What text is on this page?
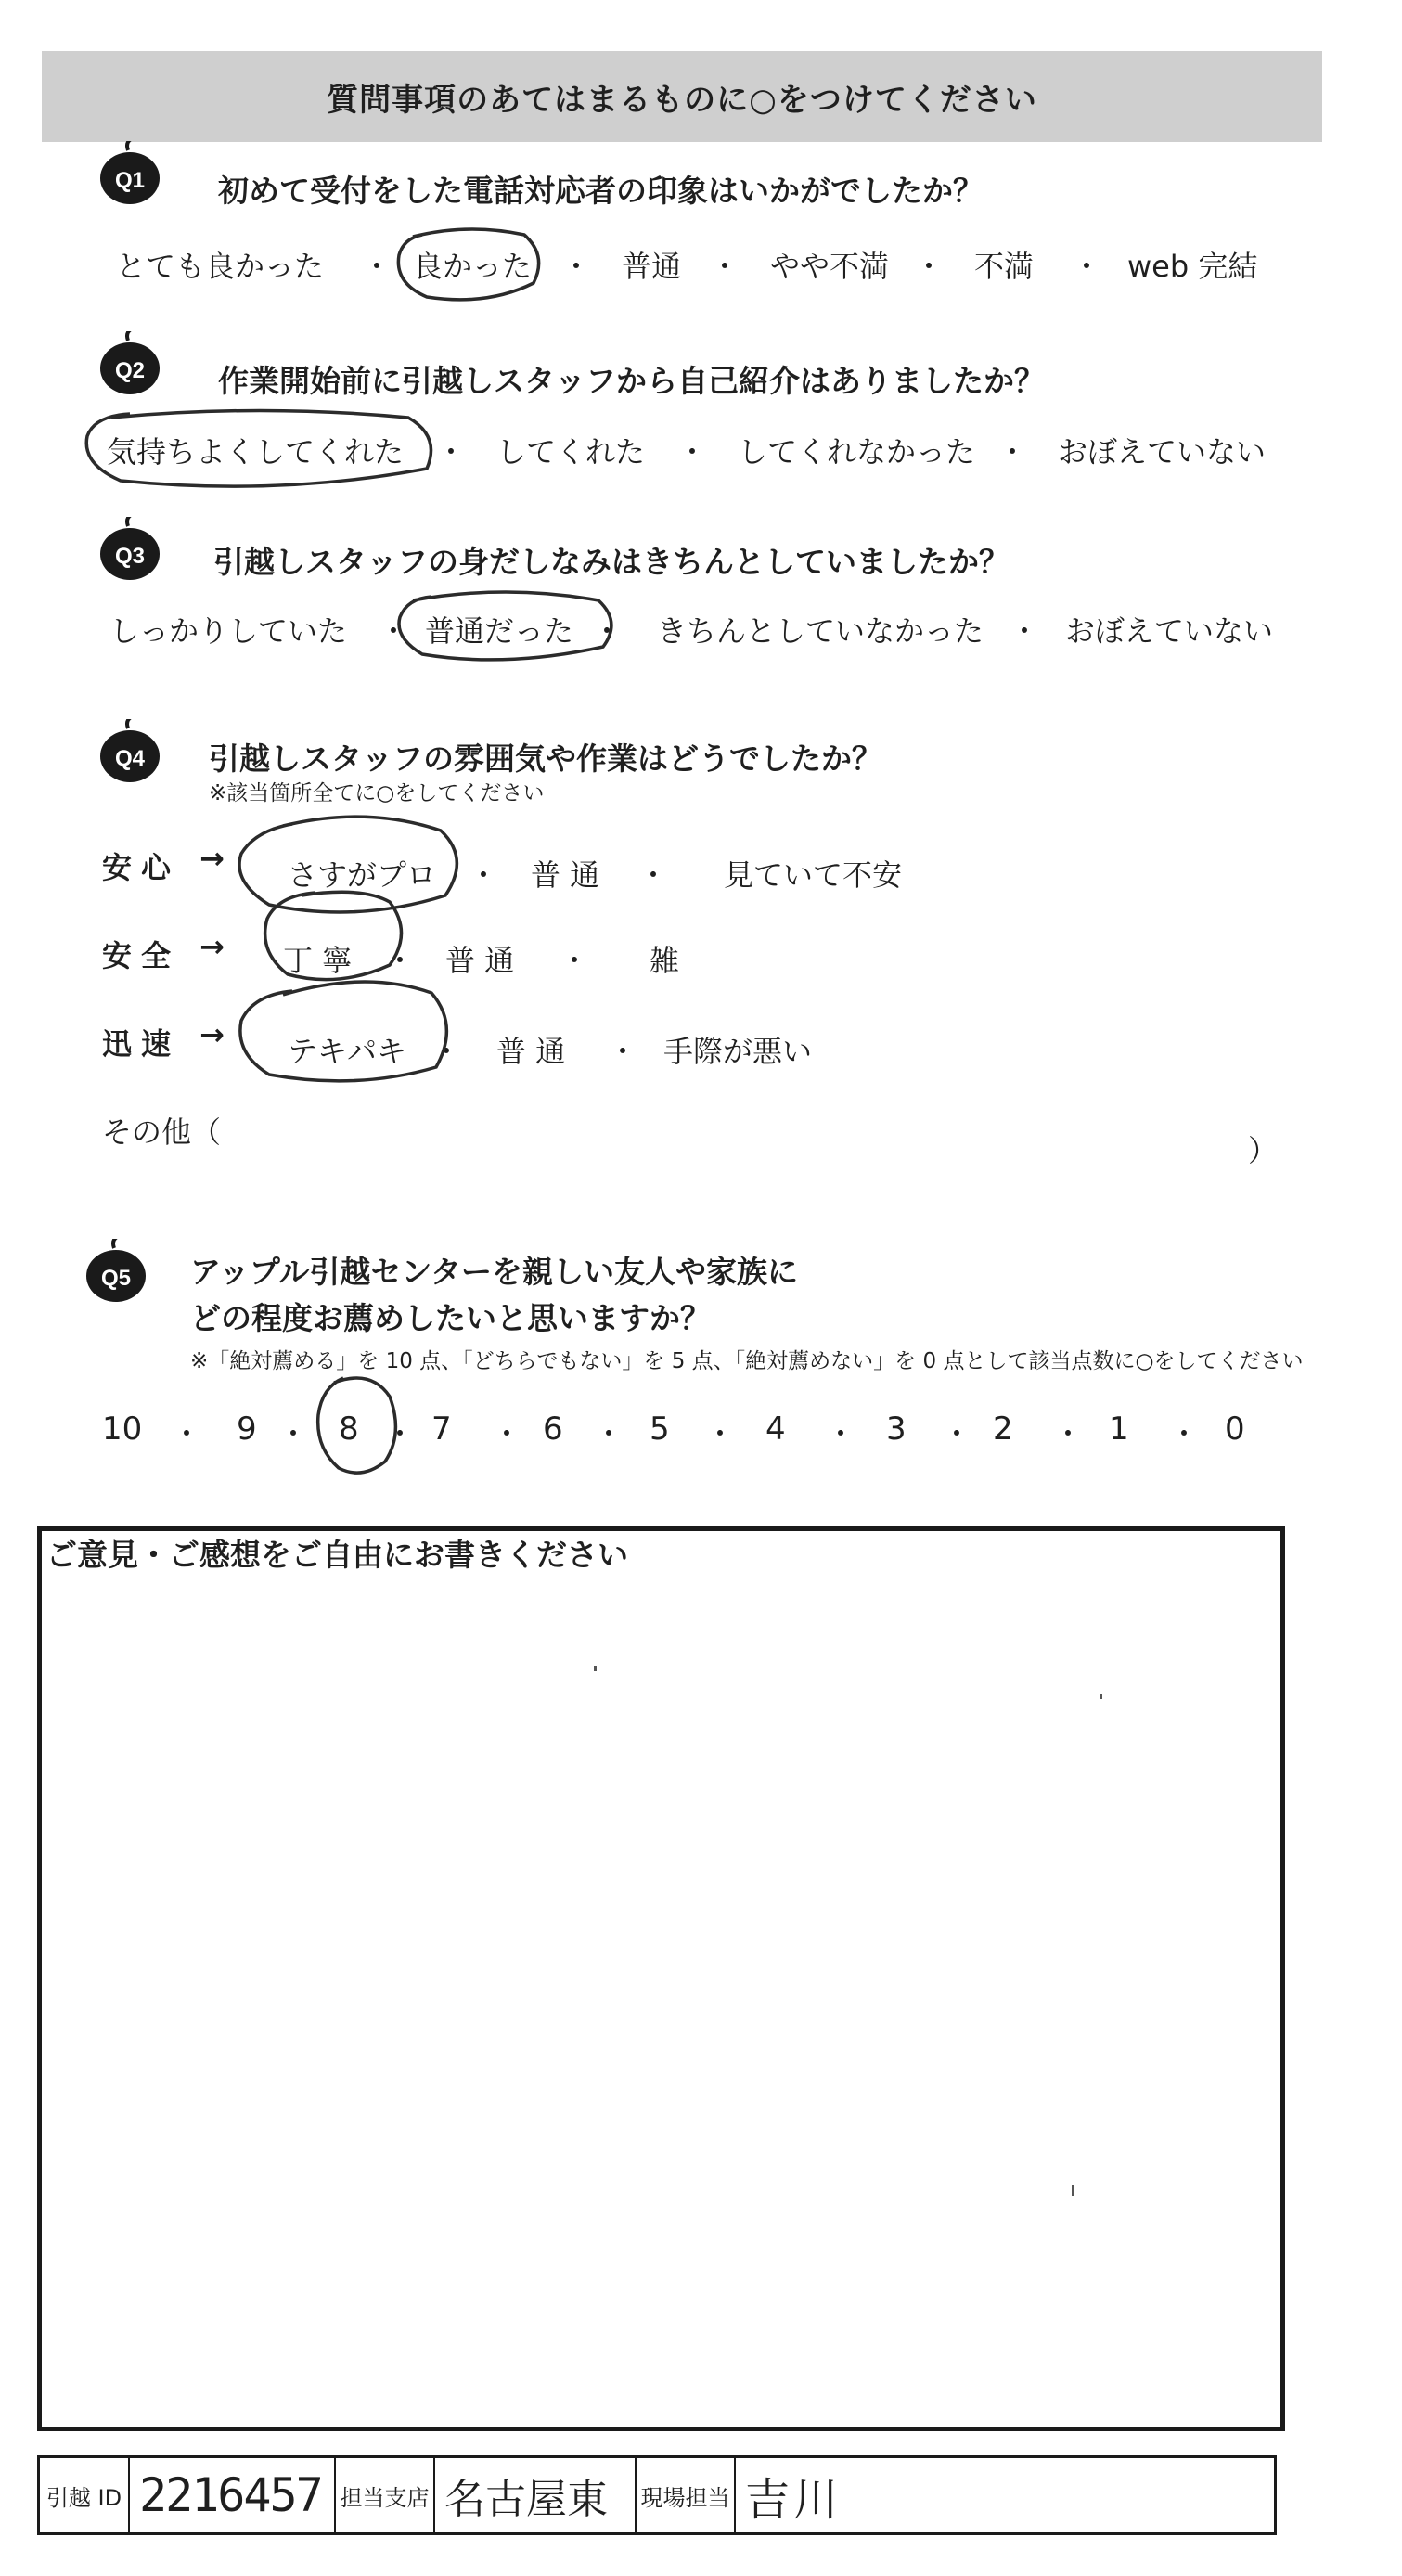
質問事項のあてはまるものに○をつけてください
Q1 初めて受付をした電話対応者の印象はいかがでしたか？
とても良かった ・ 良かった ・ 普通 ・ やや不満 ・ 不満 ・ web 完結
Q2 作業開始前に引越しスタッフから自己紹介はありましたか？
気持ちよくしてくれた ・ してくれた ・ してくれなかった ・ おぼえていない
Q3 引越しスタッフの身だしなみはきちんとしていましたか？
しっかりしていた ・ 普通だった ・ きちんとしていなかった ・ おぼえていない
Q4 引越しスタッフの雰囲気や作業はどうでしたか？
※該当箇所全てに○をしてください
安心 → さすがプロ ・ 普 通 ・ 見ていて不安
安全 → 丁 寧 ・ 普 通 ・ 雑
迅速 → テキパキ ・ 普 通 ・ 手際が悪い
その他（
）
Q5 アップル引越センターを親しい友人や家族に
どの程度お薦めしたいと思いますか？
※「絶対薦める」を 10 点、「どちらでもない」を 5 点、「絶対薦めない」を 0 点として該当点数に○をしてください
10 ・ 9 ・ 8 ・ 7 ・ 6 ・ 5 ・ 4 ・ 3 ・ 2 ・ 1 ・ 0
ご意見・ご感想をご自由にお書きください
引越 ID 2216457 担当支店 名古屋東	現場担当 吉川
